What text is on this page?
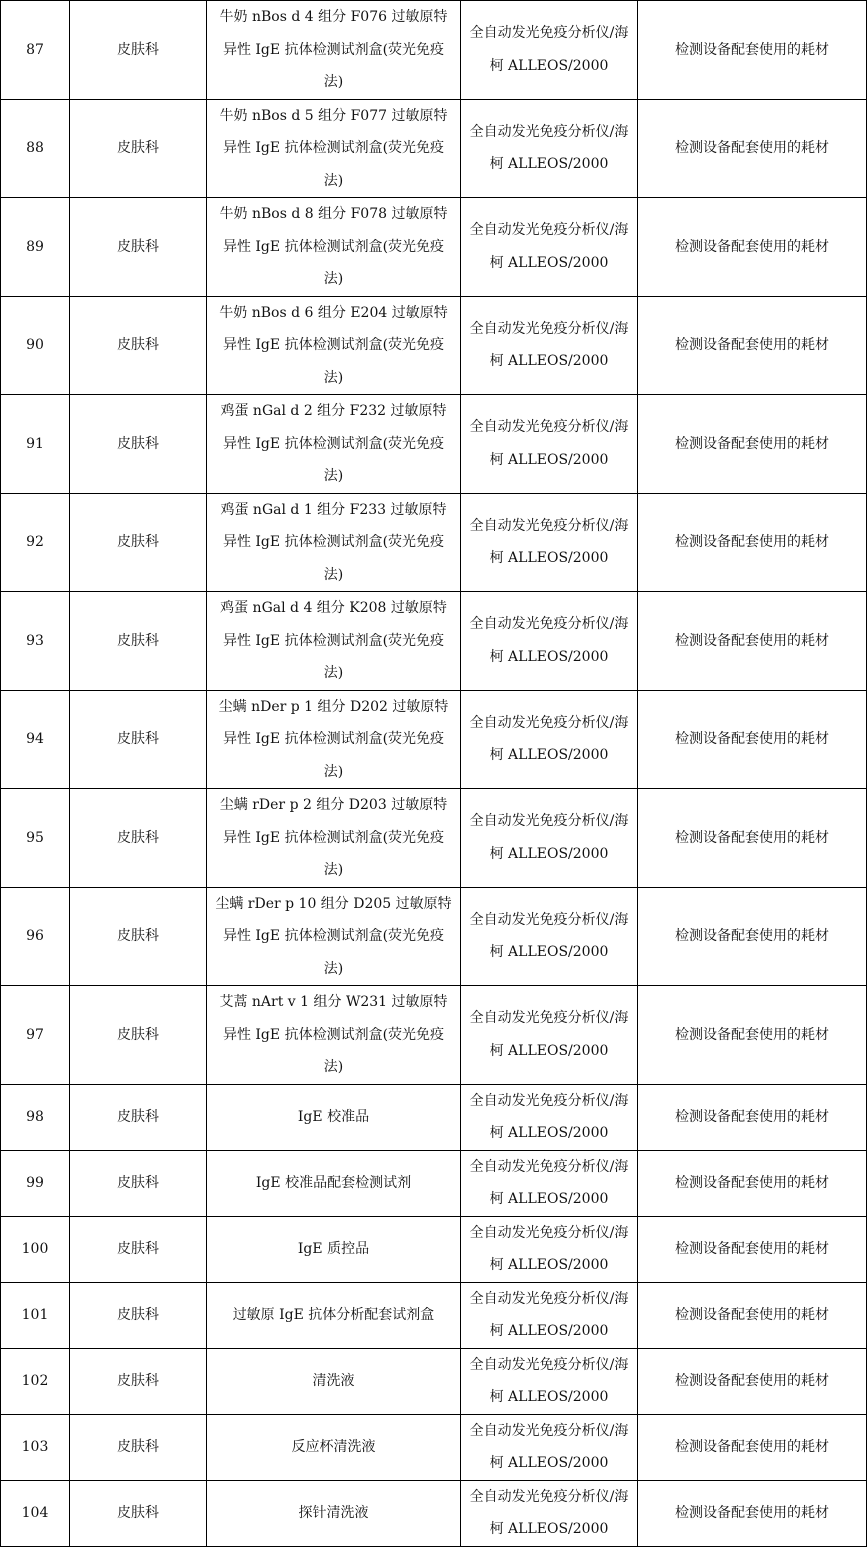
87	皮肤科	牛奶 nBos d 4 组分 F076 过敏原特异性 IgE 抗体检测试剂盒(荧光免疫法)	全自动发光免疫分析仪/海柯 ALLEOS/2000	检测设备配套使用的耗材
88	皮肤科	牛奶 nBos d 5 组分 F077 过敏原特异性 IgE 抗体检测试剂盒(荧光免疫法)	全自动发光免疫分析仪/海柯 ALLEOS/2000	检测设备配套使用的耗材
89	皮肤科	牛奶 nBos d 8 组分 F078 过敏原特异性 IgE 抗体检测试剂盒(荧光免疫法)	全自动发光免疫分析仪/海柯 ALLEOS/2000	检测设备配套使用的耗材
90	皮肤科	牛奶 nBos d 6 组分 E204 过敏原特异性 IgE 抗体检测试剂盒(荧光免疫法)	全自动发光免疫分析仪/海柯 ALLEOS/2000	检测设备配套使用的耗材
91	皮肤科	鸡蛋 nGal d 2 组分 F232 过敏原特异性 IgE 抗体检测试剂盒(荧光免疫法)	全自动发光免疫分析仪/海柯 ALLEOS/2000	检测设备配套使用的耗材
92	皮肤科	鸡蛋 nGal d 1 组分 F233 过敏原特异性 IgE 抗体检测试剂盒(荧光免疫法)	全自动发光免疫分析仪/海柯 ALLEOS/2000	检测设备配套使用的耗材
93	皮肤科	鸡蛋 nGal d 4 组分 K208 过敏原特异性 IgE 抗体检测试剂盒(荧光免疫法)	全自动发光免疫分析仪/海柯 ALLEOS/2000	检测设备配套使用的耗材
94	皮肤科	尘螨 nDer p 1 组分 D202 过敏原特异性 IgE 抗体检测试剂盒(荧光免疫法)	全自动发光免疫分析仪/海柯 ALLEOS/2000	检测设备配套使用的耗材
95	皮肤科	尘螨 rDer p 2 组分 D203 过敏原特异性 IgE 抗体检测试剂盒(荧光免疫法)	全自动发光免疫分析仪/海柯 ALLEOS/2000	检测设备配套使用的耗材
96	皮肤科	尘螨 rDer p 10 组分 D205 过敏原特异性 IgE 抗体检测试剂盒(荧光免疫法)	全自动发光免疫分析仪/海柯 ALLEOS/2000	检测设备配套使用的耗材
97	皮肤科	艾蒿 nArt v 1 组分 W231 过敏原特异性 IgE 抗体检测试剂盒(荧光免疫法)	全自动发光免疫分析仪/海柯 ALLEOS/2000	检测设备配套使用的耗材
98	皮肤科	IgE 校准品	全自动发光免疫分析仪/海柯 ALLEOS/2000	检测设备配套使用的耗材
99	皮肤科	IgE 校准品配套检测试剂	全自动发光免疫分析仪/海柯 ALLEOS/2000	检测设备配套使用的耗材
100	皮肤科	IgE 质控品	全自动发光免疫分析仪/海柯 ALLEOS/2000	检测设备配套使用的耗材
101	皮肤科	过敏原 IgE 抗体分析配套试剂盒	全自动发光免疫分析仪/海柯 ALLEOS/2000	检测设备配套使用的耗材
102	皮肤科	清洗液	全自动发光免疫分析仪/海柯 ALLEOS/2000	检测设备配套使用的耗材
103	皮肤科	反应杯清洗液	全自动发光免疫分析仪/海柯 ALLEOS/2000	检测设备配套使用的耗材
104	皮肤科	探针清洗液	全自动发光免疫分析仪/海柯 ALLEOS/2000	检测设备配套使用的耗材
